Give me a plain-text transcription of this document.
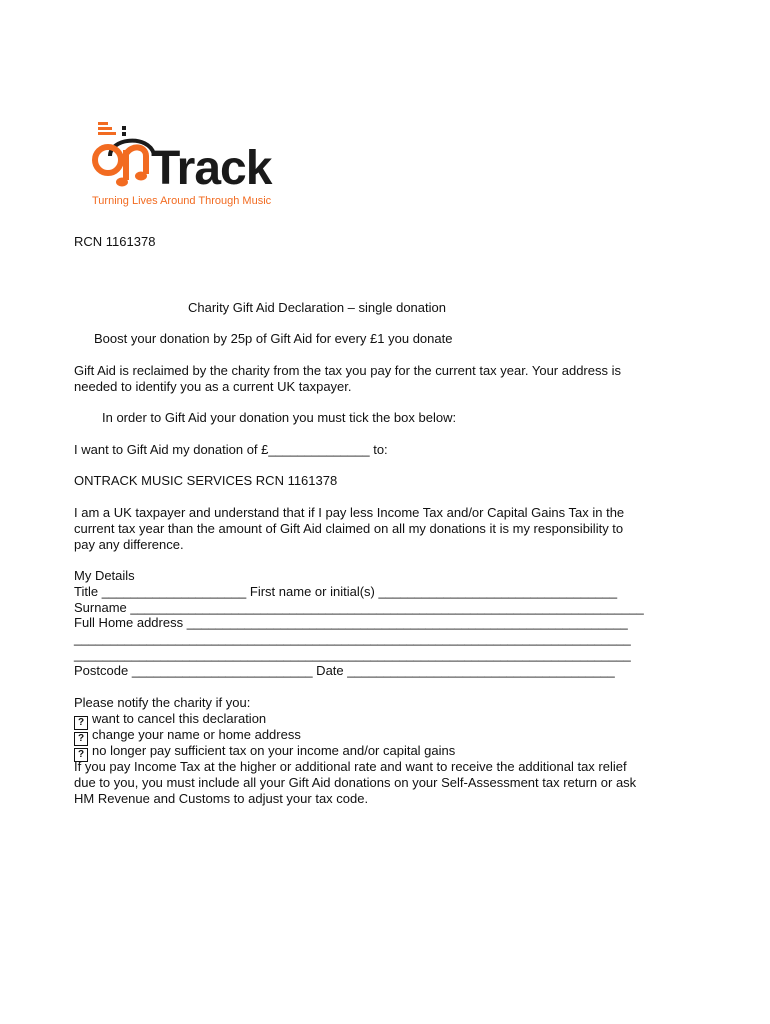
Track
Turning Lives Around Through Music
RCN 1161378
Charity Gift Aid Declaration – single donation
Boost your donation by 25p of Gift Aid for every £1 you donate
Gift Aid is reclaimed by the charity from the tax you pay for the current tax year. Your address is
needed to identify you as a current UK taxpayer.
In order to Gift Aid your donation you must tick the box below:
I want to Gift Aid my donation of £______________ to:
ONTRACK MUSIC SERVICES RCN 1161378
I am a UK taxpayer and understand that if I pay less Income Tax and/or Capital Gains Tax in the
current tax year than the amount of Gift Aid claimed on all my donations it is my responsibility to
pay any difference.
My Details
Title ____________________ First name or initial(s) _________________________________
Surname _______________________________________________________________________
Full Home address _____________________________________________________________
_____________________________________________________________________________
_____________________________________________________________________________
Postcode _________________________ Date _____________________________________
Please notify the charity if you:
? want to cancel this declaration
? change your name or home address
? no longer pay sufficient tax on your income and/or capital gains
If you pay Income Tax at the higher or additional rate and want to receive the additional tax relief
due to you, you must include all your Gift Aid donations on your Self-Assessment tax return or ask
HM Revenue and Customs to adjust your tax code.
